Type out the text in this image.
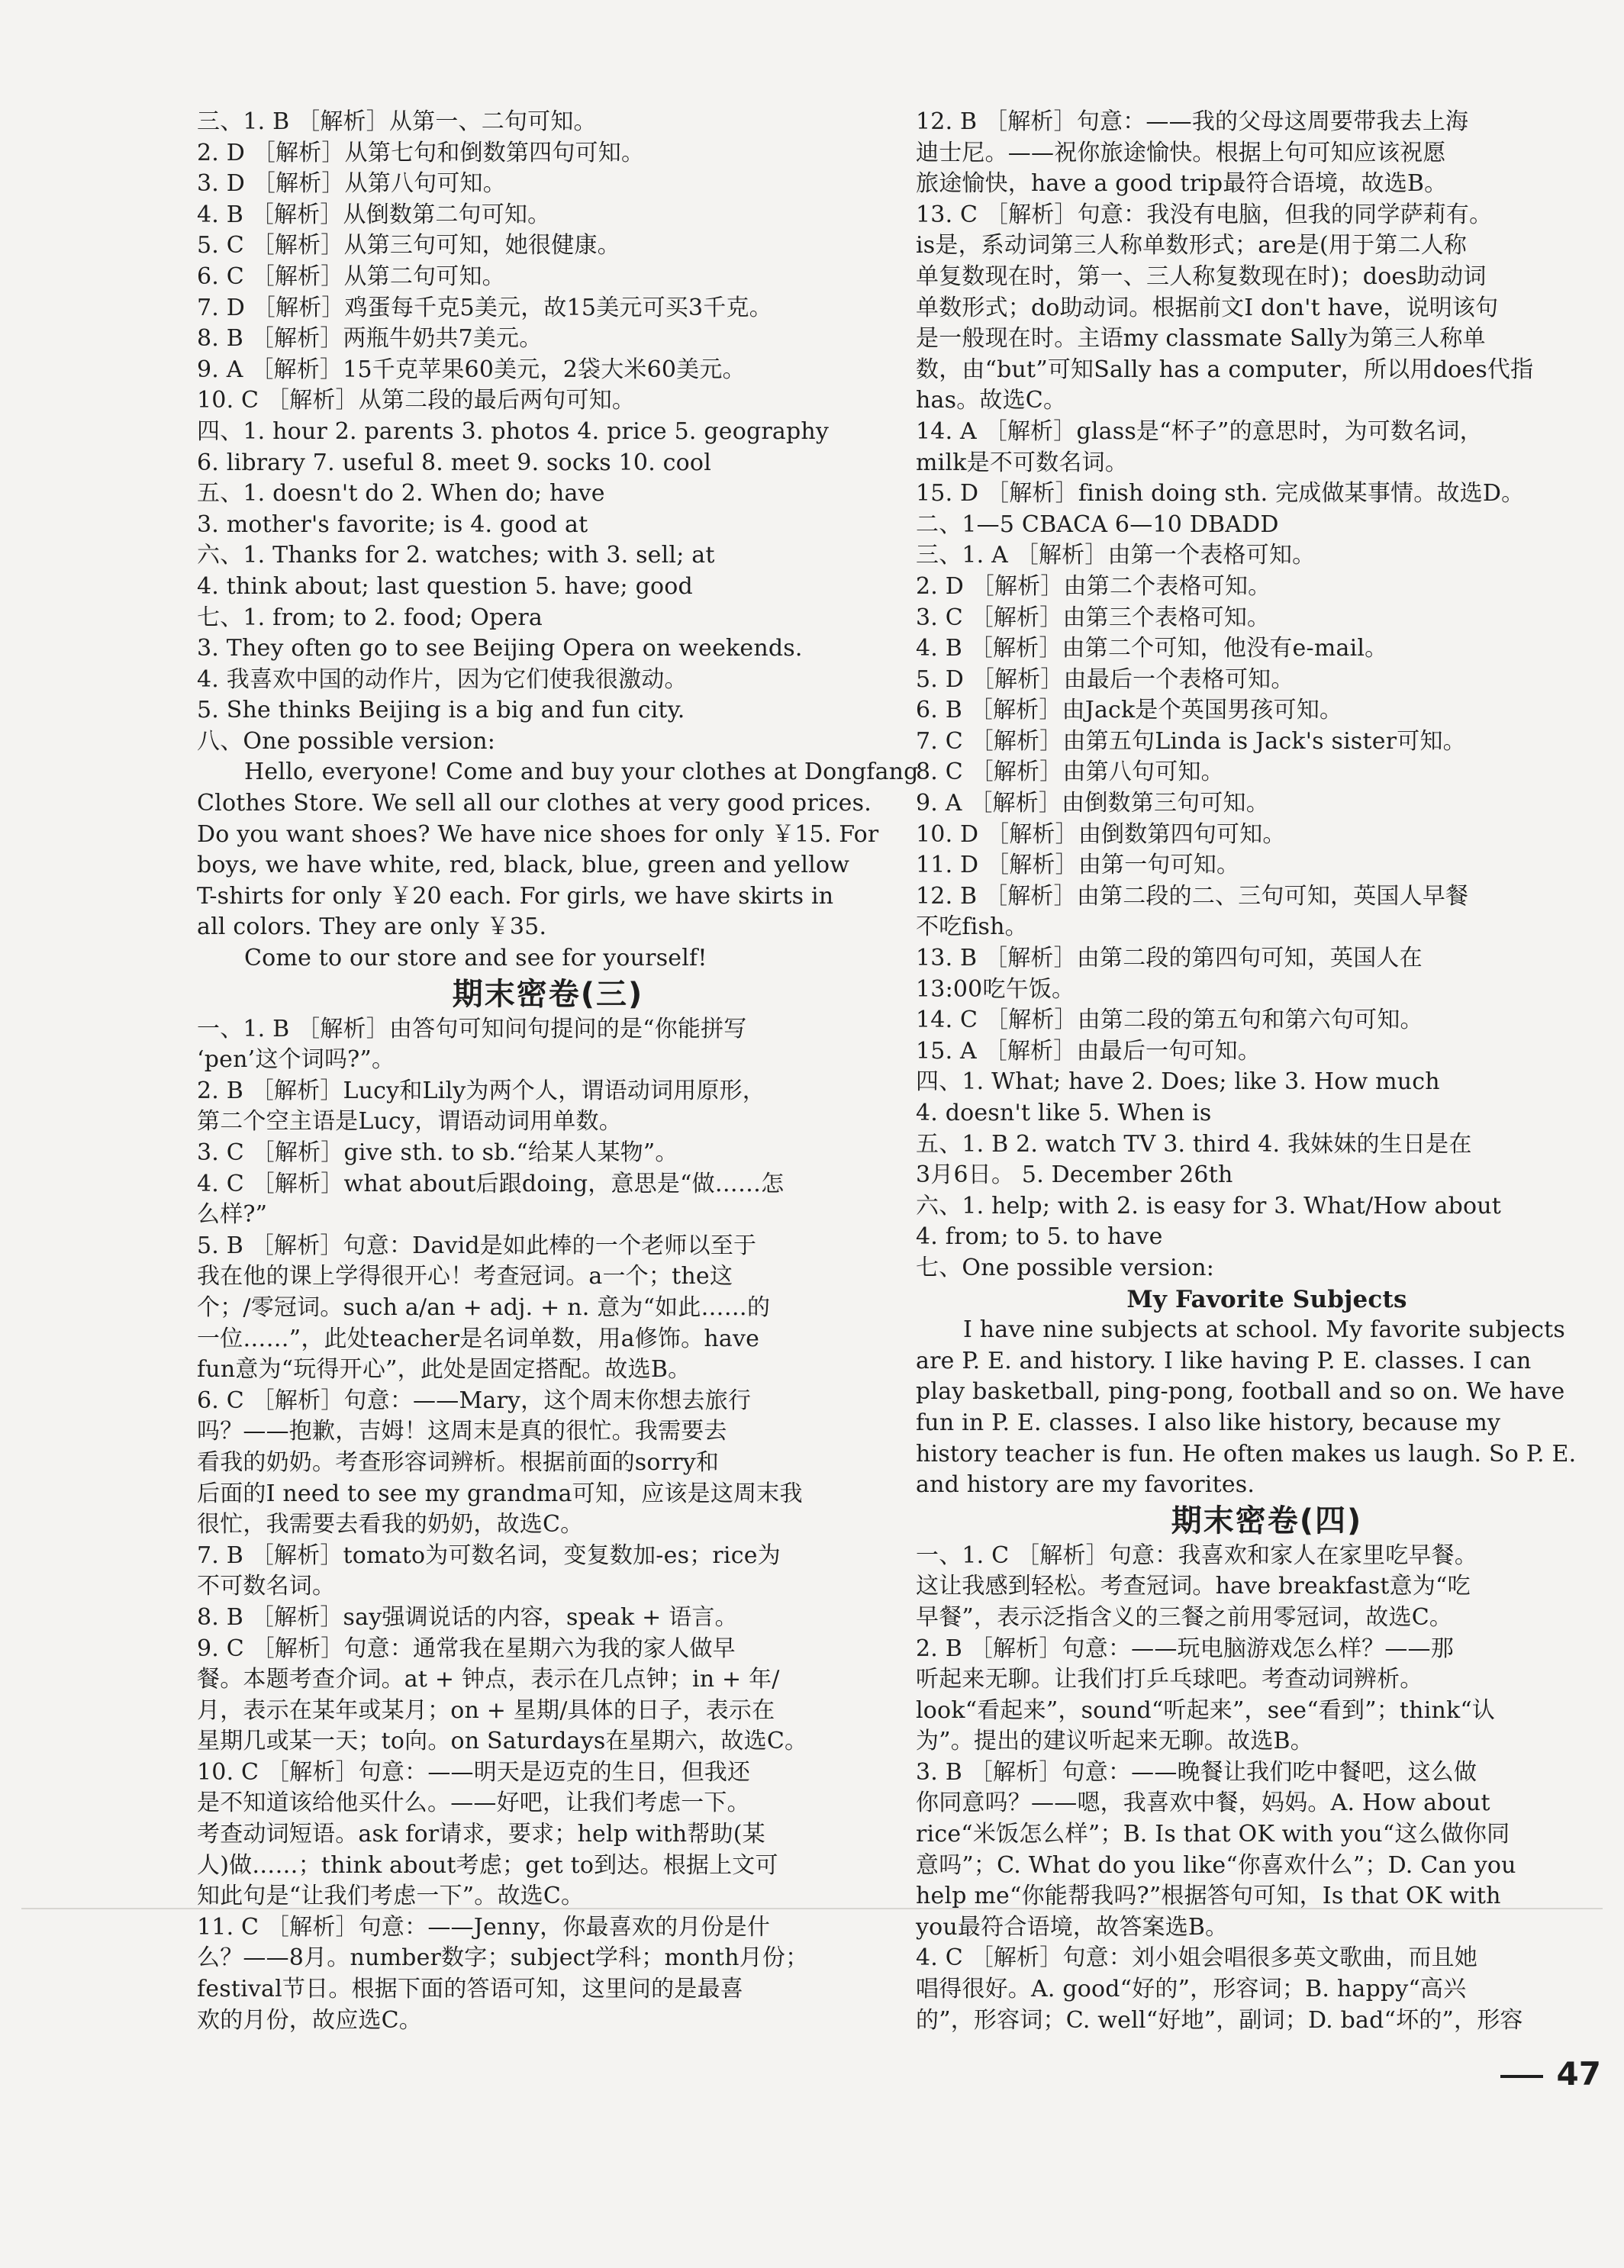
三、1. B ［解析］从第一、二句可知。
2. D ［解析］从第七句和倒数第四句可知。
3. D ［解析］从第八句可知。
4. B ［解析］从倒数第二句可知。
5. C ［解析］从第三句可知，她很健康。
6. C ［解析］从第二句可知。
7. D ［解析］鸡蛋每千克5美元，故15美元可买3千克。
8. B ［解析］两瓶牛奶共7美元。
9. A ［解析］15千克苹果60美元，2袋大米60美元。
10. C ［解析］从第二段的最后两句可知。
四、1. hour 2. parents 3. photos 4. price 5. geography
6. library 7. useful 8. meet 9. socks 10. cool
五、1. doesn't do 2. When do; have
3. mother's favorite; is 4. good at
六、1. Thanks for 2. watches; with 3. sell; at
4. think about; last question 5. have; good
七、1. from; to 2. food; Opera
3. They often go to see Beijing Opera on weekends.
4. 我喜欢中国的动作片，因为它们使我很激动。
5. She thinks Beijing is a big and fun city.
八、One possible version:
Hello, everyone! Come and buy your clothes at Dongfang
Clothes Store. We sell all our clothes at very good prices.
Do you want shoes? We have nice shoes for only ￥15. For
boys, we have white, red, black, blue, green and yellow
T-shirts for only ￥20 each. For girls, we have skirts in
all colors. They are only ￥35.
Come to our store and see for yourself!
期末密卷(三)
一、1. B ［解析］由答句可知问句提问的是“你能拼写
‘pen’这个词吗?”。
2. B ［解析］Lucy和Lily为两个人，谓语动词用原形，
第二个空主语是Lucy，谓语动词用单数。
3. C ［解析］give sth. to sb.“给某人某物”。
4. C ［解析］what about后跟doing，意思是“做……怎
么样?”
5. B ［解析］句意：David是如此棒的一个老师以至于
我在他的课上学得很开心！考查冠词。a一个；the这
个；/零冠词。such a/an + adj. + n. 意为“如此……的
一位……”，此处teacher是名词单数，用a修饰。have
fun意为“玩得开心”，此处是固定搭配。故选B。
6. C ［解析］句意：——Mary，这个周末你想去旅行
吗？——抱歉，吉姆！这周末是真的很忙。我需要去
看我的奶奶。考查形容词辨析。根据前面的sorry和
后面的I need to see my grandma可知，应该是这周末我
很忙，我需要去看我的奶奶，故选C。
7. B ［解析］tomato为可数名词，变复数加-es；rice为
不可数名词。
8. B ［解析］say强调说话的内容，speak + 语言。
9. C ［解析］句意：通常我在星期六为我的家人做早
餐。本题考查介词。at + 钟点，表示在几点钟；in + 年/
月，表示在某年或某月；on + 星期/具体的日子，表示在
星期几或某一天；to向。on Saturdays在星期六，故选C。
10. C ［解析］句意：——明天是迈克的生日，但我还
是不知道该给他买什么。——好吧，让我们考虑一下。
考查动词短语。ask for请求，要求；help with帮助(某
人)做……；think about考虑；get to到达。根据上文可
知此句是“让我们考虑一下”。故选C。
11. C ［解析］句意：——Jenny，你最喜欢的月份是什
么？——8月。number数字；subject学科；month月份；
festival节日。根据下面的答语可知，这里问的是最喜
欢的月份，故应选C。
12. B ［解析］句意：——我的父母这周要带我去上海
迪士尼。——祝你旅途愉快。根据上句可知应该祝愿
旅途愉快，have a good trip最符合语境，故选B。
13. C ［解析］句意：我没有电脑，但我的同学萨莉有。
is是，系动词第三人称单数形式；are是(用于第二人称
单复数现在时，第一、三人称复数现在时)；does助动词
单数形式；do助动词。根据前文I don't have，说明该句
是一般现在时。主语my classmate Sally为第三人称单
数，由“but”可知Sally has a computer，所以用does代指
has。故选C。
14. A ［解析］glass是“杯子”的意思时，为可数名词，
milk是不可数名词。
15. D ［解析］finish doing sth. 完成做某事情。故选D。
二、1—5 CBACA 6—10 DBADD
三、1. A ［解析］由第一个表格可知。
2. D ［解析］由第二个表格可知。
3. C ［解析］由第三个表格可知。
4. B ［解析］由第二个可知，他没有e-mail。
5. D ［解析］由最后一个表格可知。
6. B ［解析］由Jack是个英国男孩可知。
7. C ［解析］由第五句Linda is Jack's sister可知。
8. C ［解析］由第八句可知。
9. A ［解析］由倒数第三句可知。
10. D ［解析］由倒数第四句可知。
11. D ［解析］由第一句可知。
12. B ［解析］由第二段的二、三句可知，英国人早餐
不吃fish。
13. B ［解析］由第二段的第四句可知，英国人在
13:00吃午饭。
14. C ［解析］由第二段的第五句和第六句可知。
15. A ［解析］由最后一句可知。
四、1. What; have 2. Does; like 3. How much
4. doesn't like 5. When is
五、1. B 2. watch TV 3. third 4. 我妹妹的生日是在
3月6日。 5. December 26th
六、1. help; with 2. is easy for 3. What/How about
4. from; to 5. to have
七、One possible version:
My Favorite Subjects
I have nine subjects at school. My favorite subjects
are P. E. and history. I like having P. E. classes. I can
play basketball, ping-pong, football and so on. We have
fun in P. E. classes. I also like history, because my
history teacher is fun. He often makes us laugh. So P. E.
and history are my favorites.
期末密卷(四)
一、1. C ［解析］句意：我喜欢和家人在家里吃早餐。
这让我感到轻松。考查冠词。have breakfast意为“吃
早餐”，表示泛指含义的三餐之前用零冠词，故选C。
2. B ［解析］句意：——玩电脑游戏怎么样？——那
听起来无聊。让我们打乒乓球吧。考查动词辨析。
look“看起来”，sound“听起来”，see“看到”；think“认
为”。提出的建议听起来无聊。故选B。
3. B ［解析］句意：——晚餐让我们吃中餐吧，这么做
你同意吗？——嗯，我喜欢中餐，妈妈。A. How about
rice“米饭怎么样”；B. Is that OK with you“这么做你同
意吗”；C. What do you like“你喜欢什么”；D. Can you
help me“你能帮我吗?”根据答句可知，Is that OK with
you最符合语境，故答案选B。
4. C ［解析］句意：刘小姐会唱很多英文歌曲，而且她
唱得很好。A. good“好的”，形容词；B. happy“高兴
的”，形容词；C. well“好地”，副词；D. bad“坏的”，形容
47
